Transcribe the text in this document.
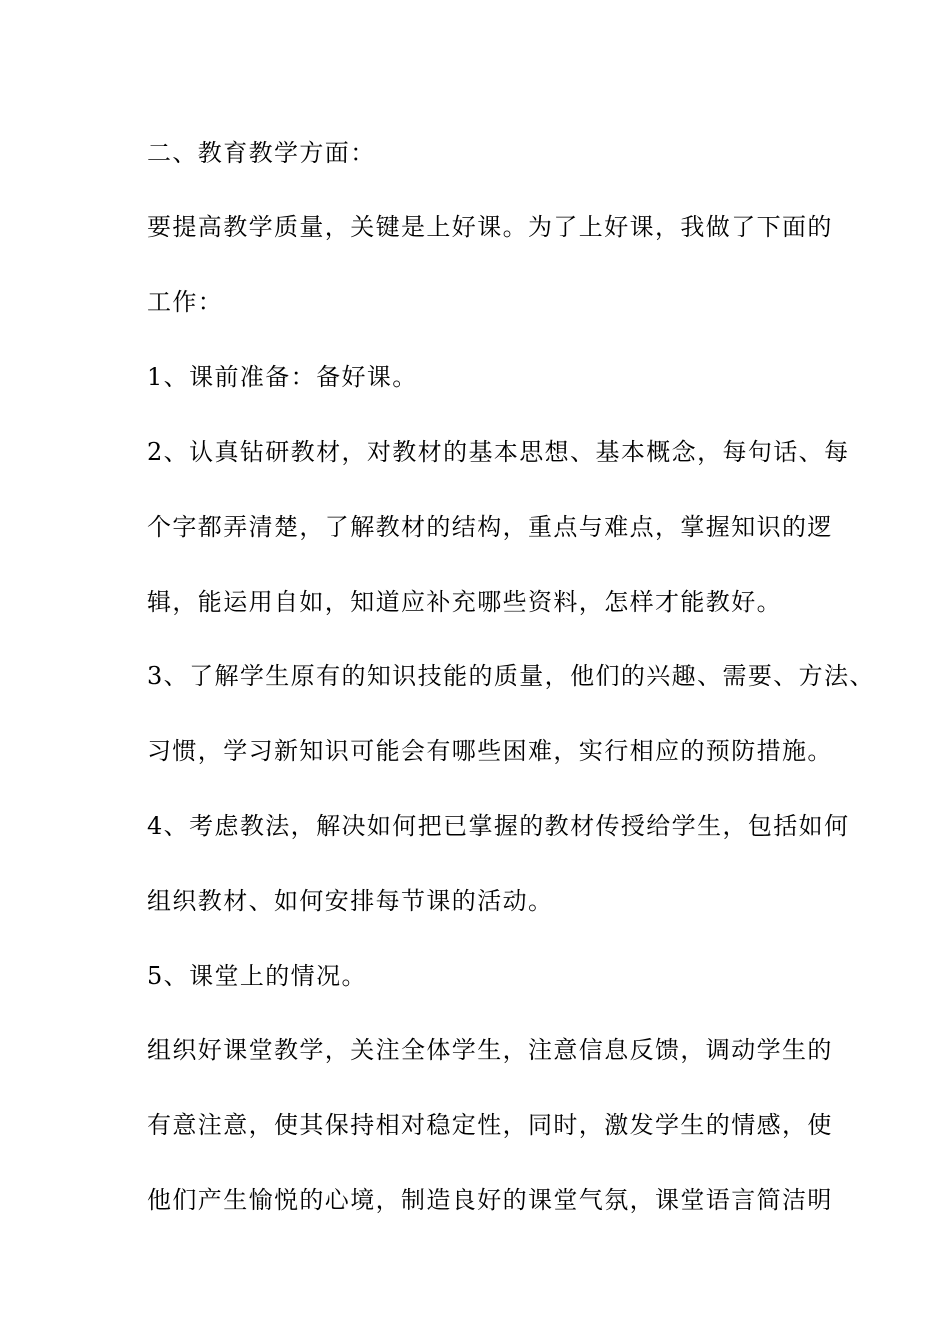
二、教育教学方面：
要提高教学质量，关键是上好课。为了上好课，我做了下面的
工作：
1、课前准备：备好课。
2、认真钻研教材，对教材的基本思想、基本概念，每句话、每
个字都弄清楚，了解教材的结构，重点与难点，掌握知识的逻
辑，能运用自如，知道应补充哪些资料，怎样才能教好。
3、了解学生原有的知识技能的质量，他们的兴趣、需要、方法、
习惯，学习新知识可能会有哪些困难，实行相应的预防措施。
4、考虑教法，解决如何把已掌握的教材传授给学生，包括如何
组织教材、如何安排每节课的活动。
5、课堂上的情况。
组织好课堂教学，关注全体学生，注意信息反馈，调动学生的
有意注意，使其保持相对稳定性，同时，激发学生的情感，使
他们产生愉悦的心境，制造良好的课堂气氛，课堂语言简洁明
